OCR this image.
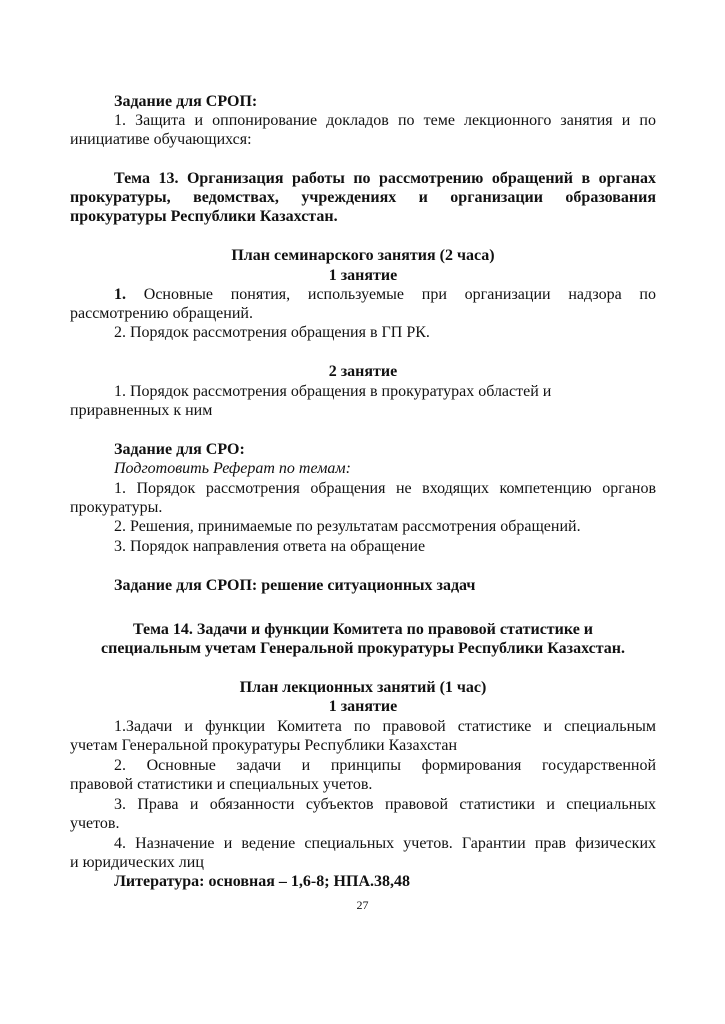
Задание для СРОП:
1. Защита и оппонирование докладов по теме лекционного занятия и по
инициативе обучающихся:
Тема 13. Организация работы по рассмотрению обращений в органах
прокуратуры, ведомствах, учреждениях и организации образования
прокуратуры Республики Казахстан.
План семинарского занятия (2 часа)
1 занятие
1. Основные понятия, используемые при организации надзора по
рассмотрению обращений.
2. Порядок рассмотрения обращения в ГП РК.
2 занятие
1. Порядок рассмотрения обращения в прокуратурах областей и
приравненных к ним
Задание для СРО:
Подготовить Реферат по темам:
1. Порядок рассмотрения обращения не входящих компетенцию органов
прокуратуры.
2. Решения, принимаемые по результатам рассмотрения обращений.
3. Порядок направления ответа на обращение
Задание для СРОП: решение ситуационных задач
Тема 14. Задачи и функции Комитета по правовой статистике и
специальным учетам Генеральной прокуратуры Республики Казахстан.
План лекционных занятий (1 час)
1 занятие
1.Задачи и функции Комитета по правовой статистике и специальным
учетам Генеральной прокуратуры Республики Казахстан
2. Основные задачи и принципы формирования государственной
правовой статистики и специальных учетов.
3. Права и обязанности субъектов правовой статистики и специальных
учетов.
4. Назначение и ведение специальных учетов. Гарантии прав физических
и юридических лиц
Литература: основная – 1,6-8; НПА.38,48
27
